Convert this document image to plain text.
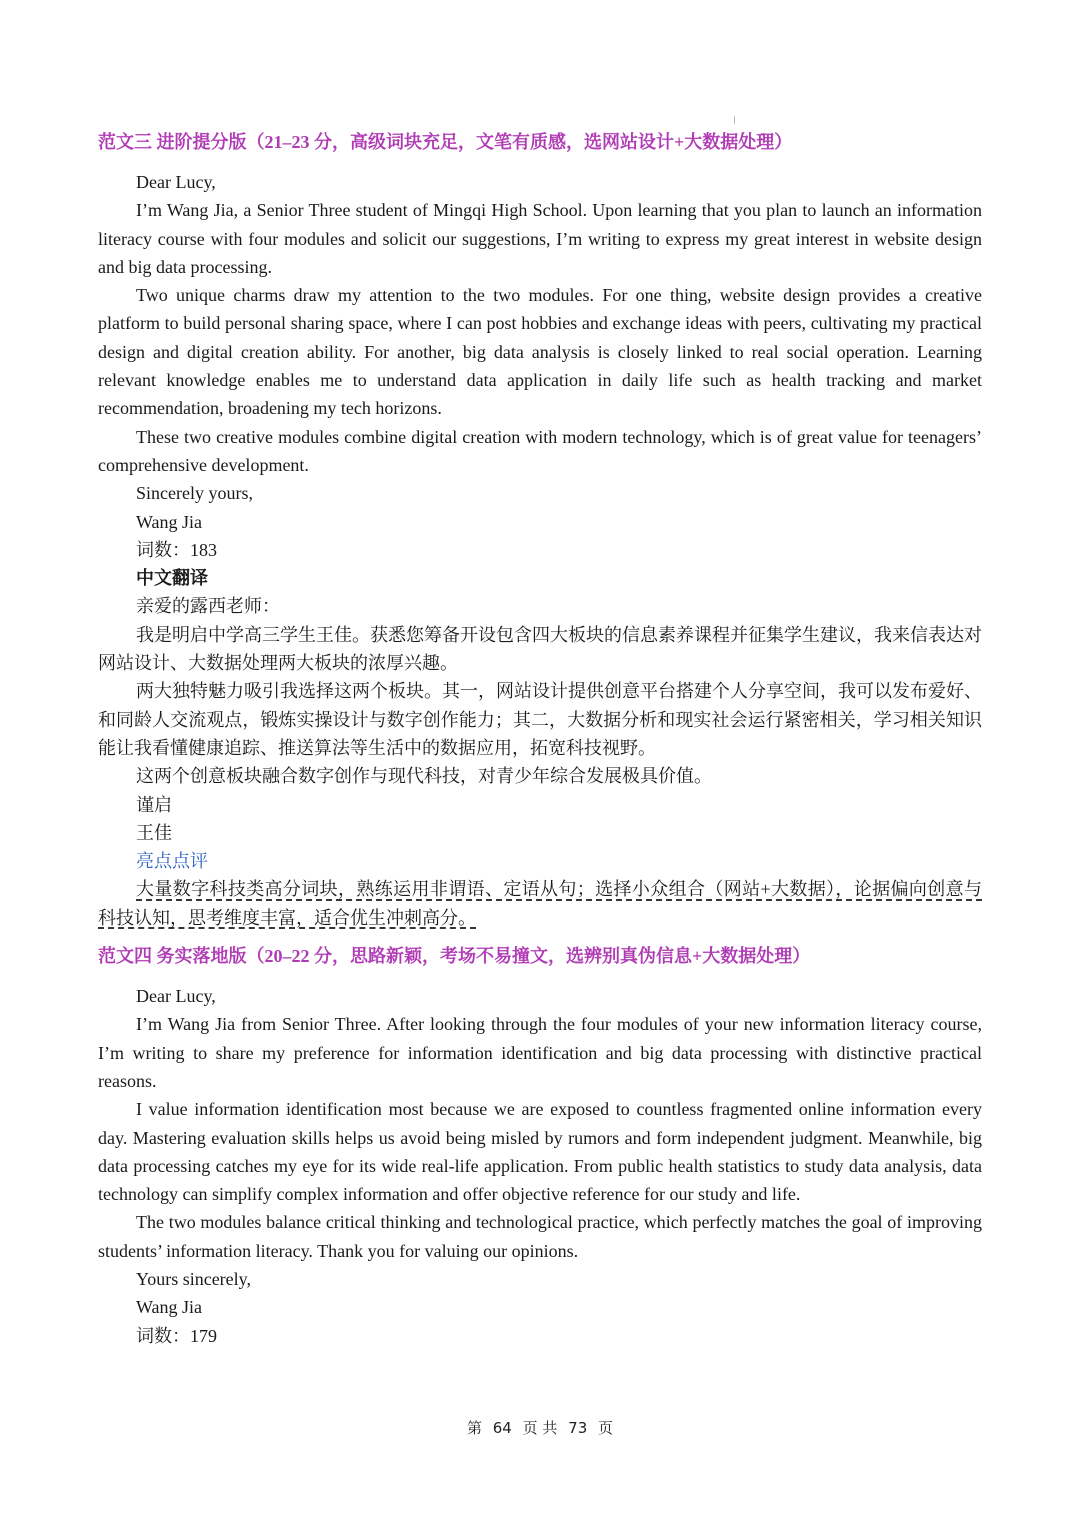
范文三 进阶提分版（21–23 分，高级词块充足，文笔有质感，选网站设计+大数据处理）

Dear Lucy,

I’m Wang Jia, a Senior Three student of Mingqi High School. Upon learning that you plan to launch an information literacy course with four modules and solicit our suggestions, I’m writing to express my great interest in website design and big data processing.

Two unique charms draw my attention to the two modules. For one thing, website design provides a creative platform to build personal sharing space, where I can post hobbies and exchange ideas with peers, cultivating my practical design and digital creation ability. For another, big data analysis is closely linked to real social operation. Learning relevant knowledge enables me to understand data application in daily life such as health tracking and market recommendation, broadening my tech horizons.

These two creative modules combine digital creation with modern technology, which is of great value for teenagers’ comprehensive development.

Sincerely yours,

Wang Jia

词数：183

中文翻译

亲爱的露西老师：

我是明启中学高三学生王佳。获悉您筹备开设包含四大板块的信息素养课程并征集学生建议，我来信表达对网站设计、大数据处理两大板块的浓厚兴趣。

两大独特魅力吸引我选择这两个板块。其一，网站设计提供创意平台搭建个人分享空间，我可以发布爱好、和同龄人交流观点，锻炼实操设计与数字创作能力；其二，大数据分析和现实社会运行紧密相关，学习相关知识能让我看懂健康追踪、推送算法等生活中的数据应用，拓宽科技视野。

这两个创意板块融合数字创作与现代科技，对青少年综合发展极具价值。

谨启

王佳

亮点点评

大量数字科技类高分词块，熟练运用非谓语、定语从句；选择小众组合（网站+大数据），论据偏向创意与科技认知，思考维度丰富，适合优生冲刺高分。

范文四 务实落地版（20–22 分，思路新颖，考场不易撞文，选辨别真伪信息+大数据处理）

Dear Lucy,

I’m Wang Jia from Senior Three. After looking through the four modules of your new information literacy course, I’m writing to share my preference for information identification and big data processing with distinctive practical reasons.

I value information identification most because we are exposed to countless fragmented online information every day. Mastering evaluation skills helps us avoid being misled by rumors and form independent judgment. Meanwhile, big data processing catches my eye for its wide real-life application. From public health statistics to study data analysis, data technology can simplify complex information and offer objective reference for our study and life.

The two modules balance critical thinking and technological practice, which perfectly matches the goal of improving students’ information literacy. Thank you for valuing our opinions.

Yours sincerely,

Wang Jia

词数：179

第 64 页 共 73 页
